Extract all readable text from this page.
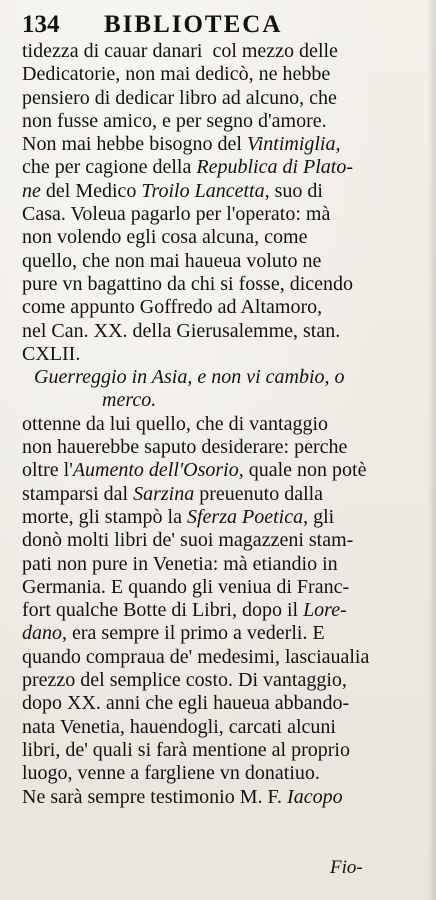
134 BIBLIOTECA
tidezza di cauar danari  col mezzo delle
Dedicatorie, non mai dedicò, ne hebbe
pensiero di dedicar libro ad alcuno, che
non fusse amico, e per segno d'amore.
Non mai hebbe bisogno del Vintimiglia,
che per cagione della Republica di Plato-
ne del Medico Troilo Lancetta, suo di
Casa. Voleua pagarlo per l'operato: mà
non volendo egli cosa alcuna, come
quello, che non mai haueua voluto ne
pure vn bagattino da chi si fosse, dicendo
come appunto Goffredo ad Altamoro,
nel Can. XX. della Gierusalemme, stan.
CXLII.
Guerreggio in Asia, e non vi cambio, o
merco.
ottenne da lui quello, che di vantaggio
non hauerebbe saputo desiderare: perche
oltre l'Aumento dell'Osorio, quale non potè
stamparsi dal Sarzina preuenuto dalla
morte, gli stampò la Sferza Poetica, gli
donò molti libri de' suoi magazzeni stam-
pati non pure in Venetia: mà etiandio in
Germania. E quando gli veniua di Franc-
fort qualche Botte di Libri, dopo il Lore-
dano, era sempre il primo a vederli. E
quando compraua de' medesimi, lasciaualia
prezzo del semplice costo. Di vantaggio,
dopo XX. anni che egli haueua abbando-
nata Venetia, hauendogli, carcati alcuni
libri, de' quali si farà mentione al proprio
luogo, venne a fargliene vn donatiuo.
Ne sarà sempre testimonio M. F. Iacopo
Fio-
